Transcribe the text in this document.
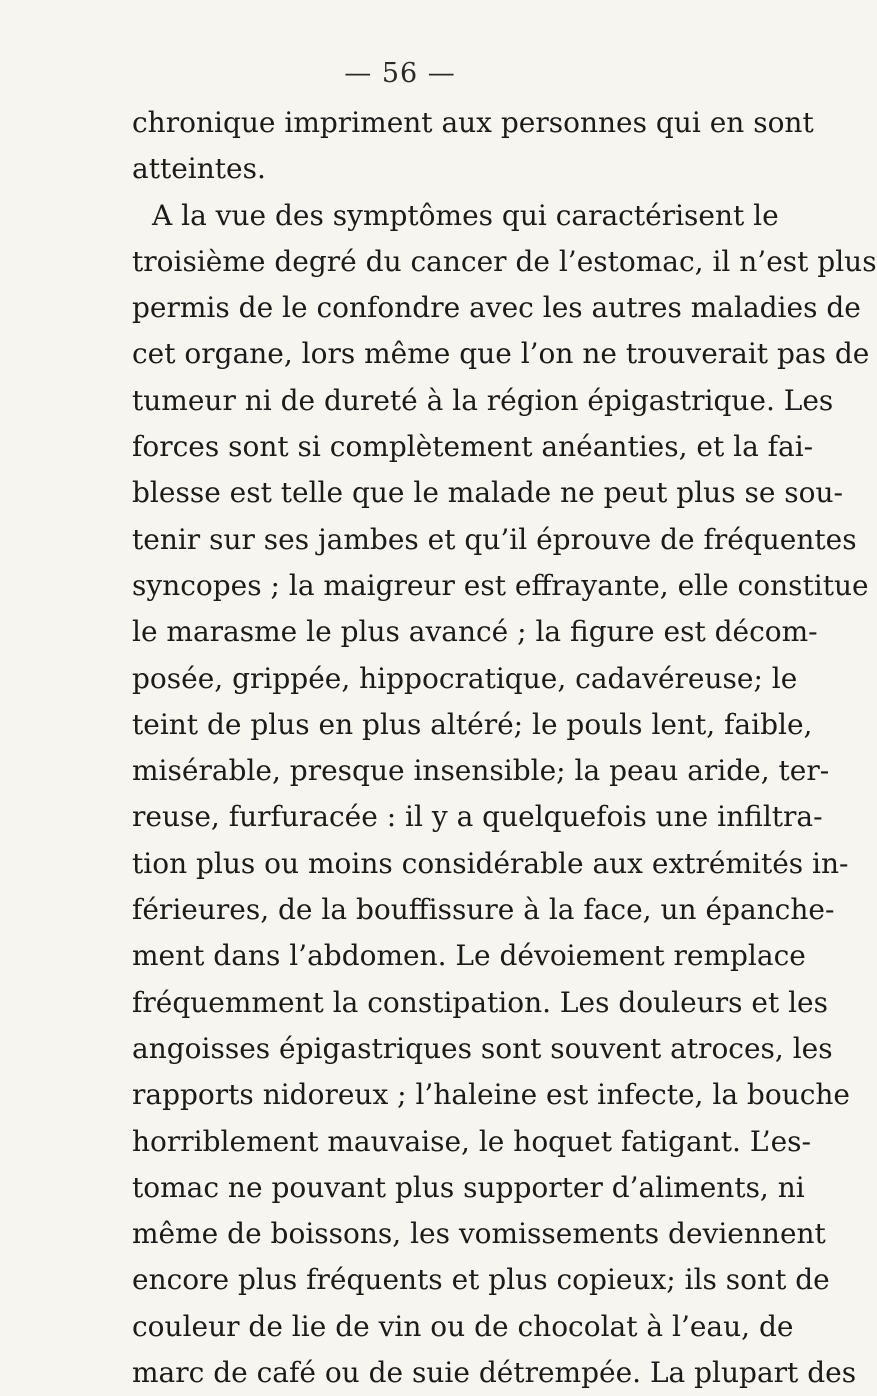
— 56 —
chronique impriment aux personnes qui en sont
atteintes.
A la vue des symptômes qui caractérisent le
troisième degré du cancer de l’estomac, il n’est plus
permis de le confondre avec les autres maladies de
cet organe, lors même que l’on ne trouverait pas de
tumeur ni de dureté à la région épigastrique. Les
forces sont si complètement anéanties, et la fai-
blesse est telle que le malade ne peut plus se sou-
tenir sur ses jambes et qu’il éprouve de fréquentes
syncopes ; la maigreur est effrayante, elle constitue
le marasme le plus avancé ; la figure est décom-
posée, grippée, hippocratique, cadavéreuse; le
teint de plus en plus altéré; le pouls lent, faible,
misérable, presque insensible; la peau aride, ter-
reuse, furfuracée : il y a quelquefois une infiltra-
tion plus ou moins considérable aux extrémités in-
férieures, de la bouffissure à la face, un épanche-
ment dans l’abdomen. Le dévoiement remplace
fréquemment la constipation. Les douleurs et les
angoisses épigastriques sont souvent atroces, les
rapports nidoreux ; l’haleine est infecte, la bouche
horriblement mauvaise, le hoquet fatigant. L’es-
tomac ne pouvant plus supporter d’aliments, ni
même de boissons, les vomissements deviennent
encore plus fréquents et plus copieux; ils sont de
couleur de lie de vin ou de chocolat à l’eau, de
marc de café ou de suie détrempée. La plupart des
